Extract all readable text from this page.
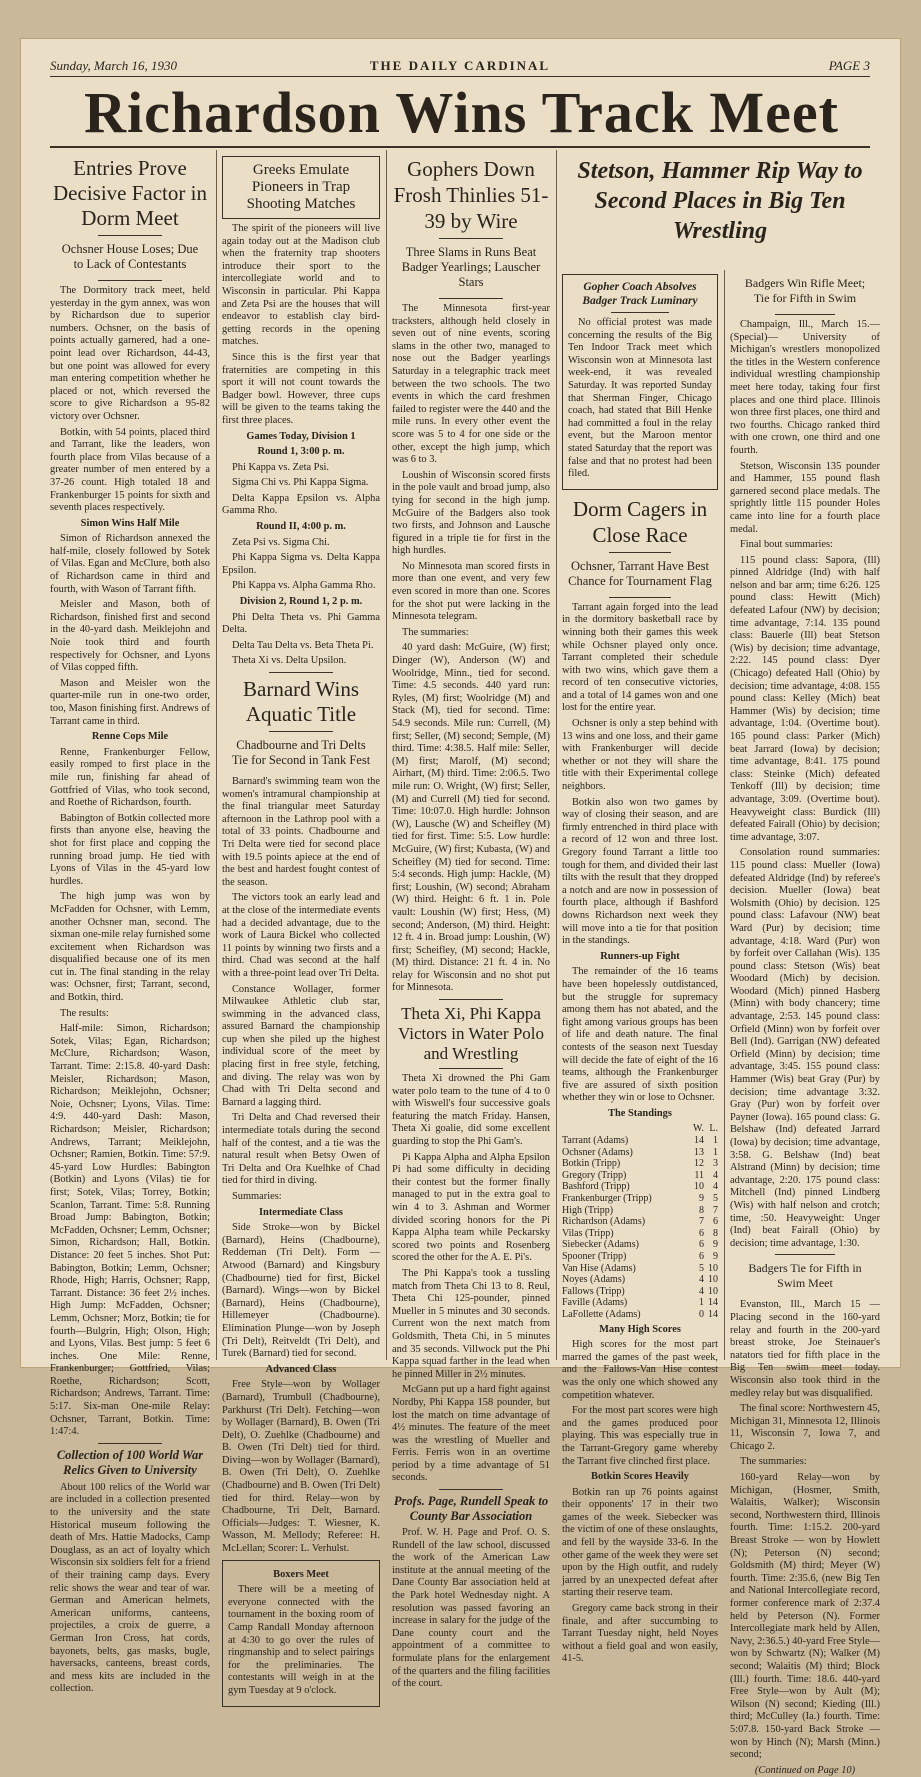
Sunday, March 16, 1930	THE DAILY CARDINAL	PAGE 3
Richardson Wins Track Meet
Entries Prove Decisive Factor in Dorm Meet
Ochsner House Loses; Due to Lack of Contestants

The Dormitory track meet, held yesterday in the gym annex, was won by Richardson due to superior numbers. Ochsner, on the basis of points actually garnered, had a one-point lead over Richardson, 44-43, but one point was allowed for every man entering competition whether he placed or not, which reversed the score to give Richardson a 95-82 victory over Ochsner.

Botkin, with 54 points, placed third and Tarrant, like the leaders, won fourth place from Vilas because of a greater number of men entered by a 37-26 count. High totaled 18 and Frankenburger 15 points for sixth and seventh places respectively.

Simon Wins Half Mile

Simon of Richardson annexed the half-mile, closely followed by Sotek of Vilas. Egan and McClure, both also of Richardson came in third and fourth, with Wason of Tarrant fifth.

Meisler and Mason, both of Richardson, finished first and second in the 40-yard dash. Meiklejohn and Noie took third and fourth respectively for Ochsner, and Lyons of Vilas copped fifth.

Mason and Meisler won the quarter-mile run in one-two order, too, Mason finishing first. Andrews of Tarrant came in third.

Renne Cops Mile

Renne, Frankenburger Fellow, easily romped to first place in the mile run, finishing far ahead of Gottfried of Vilas, who took second, and Roethe of Richardson, fourth.

Babington of Botkin collected more firsts than anyone else, heaving the shot for first place and copping the running broad jump. He tied with Lyons of Vilas in the 45-yard low hurdles.

The high jump was won by McFadden for Ochsner, with Lemm, another Ochsner man, second. The sixman one-mile relay furnished some excitement when Richardson was disqualified because one of its men cut in. The final standing in the relay was: Ochsner, first; Tarrant, second, and Botkin, third.

The results:

Half-mile: Simon, Richardson; Sotek, Vilas; Egan, Richardson; McClure, Richardson; Wason, Tarrant. Time: 2:15.8. 40-yard Dash: Meisler, Richardson; Mason, Richardson; Meiklejohn, Ochsner; Noie, Ochsner; Lyons, Vilas. Time: 4:9. 440-yard Dash: Mason, Richardson; Meisler, Richardson; Andrews, Tarrant; Meiklejohn, Ochsner; Ramien, Botkin. Time: 57:9. 45-yard Low Hurdles: Babington (Botkin) and Lyons (Vilas) tie for first; Sotek, Vilas; Torrey, Botkin; Scanlon, Tarrant. Time: 5:8. Running Broad Jump: Babington, Botkin; McFadden, Ochsner; Lemm, Ochsner; Simon, Richardson; Hall, Botkin. Distance: 20 feet 5 inches. Shot Put: Babington, Botkin; Lemm, Ochsner; Rhode, High; Harris, Ochsner; Rapp, Tarrant. Distance: 36 feet 2½ inches. High Jump: McFadden, Ochsner; Lemm, Ochsner; Morz, Botkin; tie for fourth—Bulgrin, High; Olson, High; and Lyons, Vilas. Best jump: 5 feet 6 inches. One Mile: Renne, Frankenburger; Gottfried, Vilas; Roethe, Richardson; Scott, Richardson; Andrews, Tarrant. Time: 5:17. Six-man One-mile Relay: Ochsner, Tarrant, Botkin. Time: 1:47:4.

Collection of 100 World War Relics Given to University

About 100 relics of the World war are included in a collection presented to the university and the state Historical museum following the death of Mrs. Hattie Madocks, Camp Douglass, as an act of loyalty which Wisconsin six soldiers felt for a friend of their training camp days. Every relic shows the wear and tear of war. German and American helmets, American uniforms, canteens, projectiles, a croix de guerre, a German Iron Cross, hat cords, bayonets, belts, gas masks, bugle, haversacks, canteens, breast cords, and mess kits are included in the collection.

Greeks Emulate Pioneers in Trap Shooting Matches

The spirit of the pioneers will live again today out at the Madison club when the fraternity trap shooters introduce their sport to the intercollegiate world and to Wisconsin in particular. Phi Kappa and Zeta Psi are the houses that will endeavor to establish clay bird-getting records in the opening matches.

Since this is the first year that fraternities are competing in this sport it will not count towards the Badger bowl. However, three cups will be given to the teams taking the first three places.

Games Today, Division 1
Round 1, 3:00 p. m.

Phi Kappa vs. Zeta Psi.

Sigma Chi vs. Phi Kappa Sigma.

Delta Kappa Epsilon vs. Alpha Gamma Rho.

Round II, 4:00 p. m.

Zeta Psi vs. Sigma Chi.

Phi Kappa Sigma vs. Delta Kappa Epsilon.

Phi Kappa vs. Alpha Gamma Rho.

Division 2, Round 1, 2 p. m.

Phi Delta Theta vs. Phi Gamma Delta.

Delta Tau Delta vs. Beta Theta Pi.

Theta Xi vs. Delta Upsilon.

Barnard Wins Aquatic Title
Chadbourne and Tri Delts Tie for Second in Tank Fest

Barnard's swimming team won the women's intramural championship at the final triangular meet Saturday afternoon in the Lathrop pool with a total of 33 points. Chadbourne and Tri Delta were tied for second place with 19.5 points apiece at the end of the best and hardest fought contest of the season.

The victors took an early lead and at the close of the intermediate events had a decided advantage, due to the work of Laura Bickel who collected 11 points by winning two firsts and a third. Chad was second at the half with a three-point lead over Tri Delta.

Constance Wollager, former Milwaukee Athletic club star, swimming in the advanced class, assured Barnard the championship cup when she piled up the highest individual score of the meet by placing first in free style, fetching, and diving. The relay was won by Chad with Tri Delta second and Barnard a lagging third.

Tri Delta and Chad reversed their intermediate totals during the second half of the contest, and a tie was the natural result when Betsy Owen of Tri Delta and Ora Kuelhke of Chad tied for third in diving.

Summaries:

Intermediate Class

Side Stroke—won by Bickel (Barnard), Heins (Chadbourne), Reddeman (Tri Delt). Form — Atwood (Barnard) and Kingsbury (Chadbourne) tied for first, Bickel (Barnard). Wings—won by Bickel (Barnard), Heins (Chadbourne), Hillemeyer (Chadbourne). Elimination Plunge—won by Joseph (Tri Delt), Reitveldt (Tri Delt), and Turek (Barnard) tied for second.

Advanced Class

Free Style—won by Wollager (Barnard), Trumbull (Chadbourne), Parkhurst (Tri Delt). Fetching—won by Wollager (Barnard), B. Owen (Tri Delt), O. Zuehlke (Chadbourne) and B. Owen (Tri Delt) tied for third. Diving—won by Wollager (Barnard), B. Owen (Tri Delt), O. Zuehlke (Chadbourne) and B. Owen (Tri Delt) tied for third. Relay—won by Chadbourne, Tri Delt, Barnard. Officials—Judges: T. Wiesner, K. Wasson, M. Mellody; Referee: H. McLellan; Scorer: L. Verhulst.

Boxers Meet

There will be a meeting of everyone connected with the tournament in the boxing room of Camp Randall Monday afternoon at 4:30 to go over the rules of ringmanship and to select pairings for the preliminaries. The contestants will weigh in at the gym Tuesday at 9 o'clock.

Gophers Down Frosh Thinlies 51-39 by Wire
Three Slams in Runs Beat Badger Yearlings; Lauscher Stars

The Minnesota first-year tracksters, although held closely in seven out of nine events, scoring slams in the other two, managed to nose out the Badger yearlings Saturday in a telegraphic track meet between the two schools. The two events in which the card freshmen failed to register were the 440 and the mile runs. In every other event the score was 5 to 4 for one side or the other, except the high jump, which was 6 to 3.

Loushin of Wisconsin scored firsts in the pole vault and broad jump, also tying for second in the high jump. McGuire of the Badgers also took two firsts, and Johnson and Lausche figured in a triple tie for first in the high hurdles.

No Minnesota man scored firsts in more than one event, and very few even scored in more than one. Scores for the shot put were lacking in the Minnesota telegram.

The summaries:

40 yard dash: McGuire, (W) first; Dinger (W), Anderson (W) and Woolridge, Minn., tied for second. Time: 4.5 seconds. 440 yard run: Ryles, (M) first; Woolridge (M) and Stack (M), tied for second. Time: 54.9 seconds. Mile run: Currell, (M) first; Seller, (M) second; Semple, (M) third. Time: 4:38.5. Half mile: Seller, (M) first; Marolf, (M) second; Airhart, (M) third. Time: 2:06.5. Two mile run: O. Wright, (W) first; Seller, (M) and Currell (M) tied for second. Time: 10:07.0. High hurdle: Johnson (W), Lausche (W) and Scheifley (M) tied for first. Time: 5:5. Low hurdle: McGuire, (W) first; Kubasta, (W) and Scheifley (M) tied for second. Time: 5:4 seconds. High jump: Hackle, (M) first; Loushin, (W) second; Abraham (W) third. Height: 6 ft. 1 in. Pole vault: Loushin (W) first; Hess, (M) second; Anderson, (M) third. Height: 12 ft. 4 in. Broad jump: Loushin, (W) first; Scheifley, (M) second; Hackle, (M) third. Distance: 21 ft. 4 in. No relay for Wisconsin and no shot put for Minnesota.

Theta Xi, Phi Kappa Victors in Water Polo and Wrestling

Theta Xi drowned the Phi Gam water polo team to the tune of 4 to 0 with Wiswell's four successive goals featuring the match Friday. Hansen, Theta Xi goalie, did some excellent guarding to stop the Phi Gam's.

Pi Kappa Alpha and Alpha Epsilon Pi had some difficulty in deciding their contest but the former finally managed to put in the extra goal to win 4 to 3. Ashman and Wormer divided scoring honors for the Pi Kappa Alpha team while Peckarsky scored two points and Rosenberg scored the other for the A. E. Pi's.

The Phi Kappa's took a tussling match from Theta Chi 13 to 8. Reul, Theta Chi 125-pounder, pinned Mueller in 5 minutes and 30 seconds. Current won the next match from Goldsmith, Theta Chi, in 5 minutes and 35 seconds. Villwock put the Phi Kappa squad farther in the lead when he pinned Miller in 2½ minutes.

McGann put up a hard fight against Nordby, Phi Kappa 158 pounder, but lost the match on time advantage of 4½ minutes. The feature of the meet was the wrestling of Mueller and Ferris. Ferris won in an overtime period by a time advantage of 51 seconds.

Profs. Page, Rundell Speak to County Bar Association

Prof. W. H. Page and Prof. O. S. Rundell of the law school, discussed the work of the American Law institute at the annual meeting of the Dane County Bar association held at the Park hotel Wednesday night. A resolution was passed favoring an increase in salary for the judge of the Dane county court and the appointment of a committee to formulate plans for the enlargement of the quarters and the filing facilities of the court.

Stetson, Hammer Rip Way to Second Places in Big Ten Wrestling
Gopher Coach Absolves Badger Track Luminary

No official protest was made concerning the results of the Big Ten Indoor Track meet which Wisconsin won at Minnesota last week-end, it was revealed Saturday. It was reported Sunday that Sherman Finger, Chicago coach, had stated that Bill Henke had committed a foul in the relay event, but the Maroon mentor stated Saturday that the report was false and that no protest had been filed.

Dorm Cagers in Close Race
Ochsner, Tarrant Have Best Chance for Tournament Flag

Tarrant again forged into the lead in the dormitory basketball race by winning both their games this week while Ochsner played only once. Tarrant completed their schedule with two wins, which gave them a record of ten consecutive victories, and a total of 14 games won and one lost for the entire year.

Ochsner is only a step behind with 13 wins and one loss, and their game with Frankenburger will decide whether or not they will share the title with their Experimental college neighbors.

Botkin also won two games by way of closing their season, and are firmly entrenched in third place with a record of 12 won and three lost. Gregory found Tarrant a little too tough for them, and divided their last tilts with the result that they dropped a notch and are now in possession of fourth place, although if Bashford downs Richardson next week they will move into a tie for that position in the standings.

Runners-up Fight

The remainder of the 16 teams have been hopelessly outdistanced, but the struggle for supremacy among them has not abated, and the fight among various groups has been of life and death nature. The final contests of the season next Tuesday will decide the fate of eight of the 16 teams, although the Frankenburger five are assured of sixth position whether they win or lose to Ochsner.

The Standings
	W.	L.
Tarrant (Adams)	14	1
Ochsner (Adams)	13	1
Botkin (Tripp)	12	3
Gregory (Tripp)	11	4
Bashford (Tripp)	10	4
Frankenburger (Tripp)	9	5
High (Tripp)	8	7
Richardson (Adams)	7	6
Vilas (Tripp)	6	8
Siebecker (Adams)	6	9
Spooner (Tripp)	6	9
Van Hise (Adams)	5	10
Noyes (Adams)	4	10
Fallows (Tripp)	4	10
Faville (Adams)	1	14
LaFollette (Adams)	0	14
Many High Scores

High scores for the most part marred the games of the past week, and the Fallows-Van Hise contest was the only one which showed any competition whatever.

For the most part scores were high and the games produced poor playing. This was especially true in the Tarrant-Gregory game whereby the Tarrant five clinched first place.

Botkin Scores Heavily

Botkin ran up 76 points against their opponents' 17 in their two games of the week. Siebecker was the victim of one of these onslaughts, and fell by the wayside 33-6. In the other game of the week they were set upon by the High outfit, and rudely jarred by an unexpected defeat after starting their reserve team.

Gregory came back strong in their finale, and after succumbing to Tarrant Tuesday night, held Noyes without a field goal and won easily, 41-5.

Badgers Win Rifle Meet; Tie for Fifth in Swim

Champaign, Ill., March 15.—(Special)— University of Michigan's wrestlers monopolized the titles in the Western conference individual wrestling championship meet here today, taking four first places and one third place. Illinois won three first places, one third and two fourths. Chicago ranked third with one crown, one third and one fourth.

Stetson, Wisconsin 135 pounder and Hammer, 155 pound flash garnered second place medals. The sprightly little 115 pounder Holes came into line for a fourth place medal.

Final bout summaries:

115 pound class: Sapora, (Ill) pinned Aldridge (Ind) with half nelson and bar arm; time 6:26. 125 pound class: Hewitt (Mich) defeated Lafour (NW) by decision; time advantage, 7:14. 135 pound class: Bauerle (Ill) beat Stetson (Wis) by decision; time advantage, 2:22. 145 pound class: Dyer (Chicago) defeated Hall (Ohio) by decision; time advantage, 4:08. 155 pound class: Kelley (Mich) beat Hammer (Wis) by decision; time advantage, 1:04. (Overtime bout). 165 pound class: Parker (Mich) beat Jarrard (Iowa) by decision; time advantage, 8:41. 175 pound class: Steinke (Mich) defeated Tenkoff (Ill) by decision; time advantage, 3:09. (Overtime bout). Heavyweight class: Burdick (Ill) defeated Fairall (Ohio) by decision; time advantage, 3:07.

Consolation round summaries: 115 pound class: Mueller (Iowa) defeated Aldridge (Ind) by referee's decision. Mueller (Iowa) beat Wolsmith (Ohio) by decision. 125 pound class: Lafavour (NW) beat Ward (Pur) by decision; time advantage, 4:18. Ward (Pur) won by forfeit over Callahan (Wis). 135 pound class: Stetson (Wis) beat Woodard (Mich) by decision. Woodard (Mich) pinned Hasberg (Minn) with body chancery; time advantage, 2:53. 145 pound class: Orfield (Minn) won by forfeit over Bell (Ind). Garrigan (NW) defeated Orfield (Minn) by decision; time advantage, 3:45. 155 pound class: Hammer (Wis) beat Gray (Pur) by decision; time advantage 3:32. Gray (Pur) won by forfeit over Payner (Iowa). 165 pound class: G. Belshaw (Ind) defeated Jarrard (Iowa) by decision; time advantage, 3:58. G. Belshaw (Ind) beat Alstrand (Minn) by decision; time advantage, 2:20. 175 pound class: Mitchell (Ind) pinned Lindberg (Wis) with half nelson and crotch; time, :50. Heavyweight: Unger (Ind) beat Fairall (Ohio) by decision; time advantage, 1:30.

Badgers Tie for Fifth in Swim Meet

Evanston, Ill., March 15 — Placing second in the 160-yard relay and fourth in the 200-yard breast stroke, Joe Steinauer's natators tied for fifth place in the Big Ten swim meet today. Wisconsin also took third in the medley relay but was disqualified.

The final score: Northwestern 45, Michigan 31, Minnesota 12, Illinois 11, Wisconsin 7, Iowa 7, and Chicago 2.

The summaries:

160-yard Relay—won by Michigan, (Hosmer, Smith, Walaitis, Walker); Wisconsin second, Northwestern third, Illinois fourth. Time: 1:15.2. 200-yard Breast Stroke — won by Howlett (N); Peterson (N) second; Goldsmith (M) third; Meyer (W) fourth. Time: 2:35.6, (new Big Ten and National Intercollegiate record, former conference mark of 2:37.4 held by Peterson (N). Former Intercollegiate mark held by Allen, Navy, 2:36.5.) 40-yard Free Style—won by Schwartz (N); Walker (M) second; Walaitis (M) third; Block (Ill.) fourth. Time: 18.6. 440-yard Free Style—won by Ault (M); Wilson (N) second; Kieding (Ill.) third; McCulley (Ia.) fourth. Time: 5:07.8. 150-yard Back Stroke — won by Hinch (N); Marsh (Minn.) second;

(Continued on Page 10)
